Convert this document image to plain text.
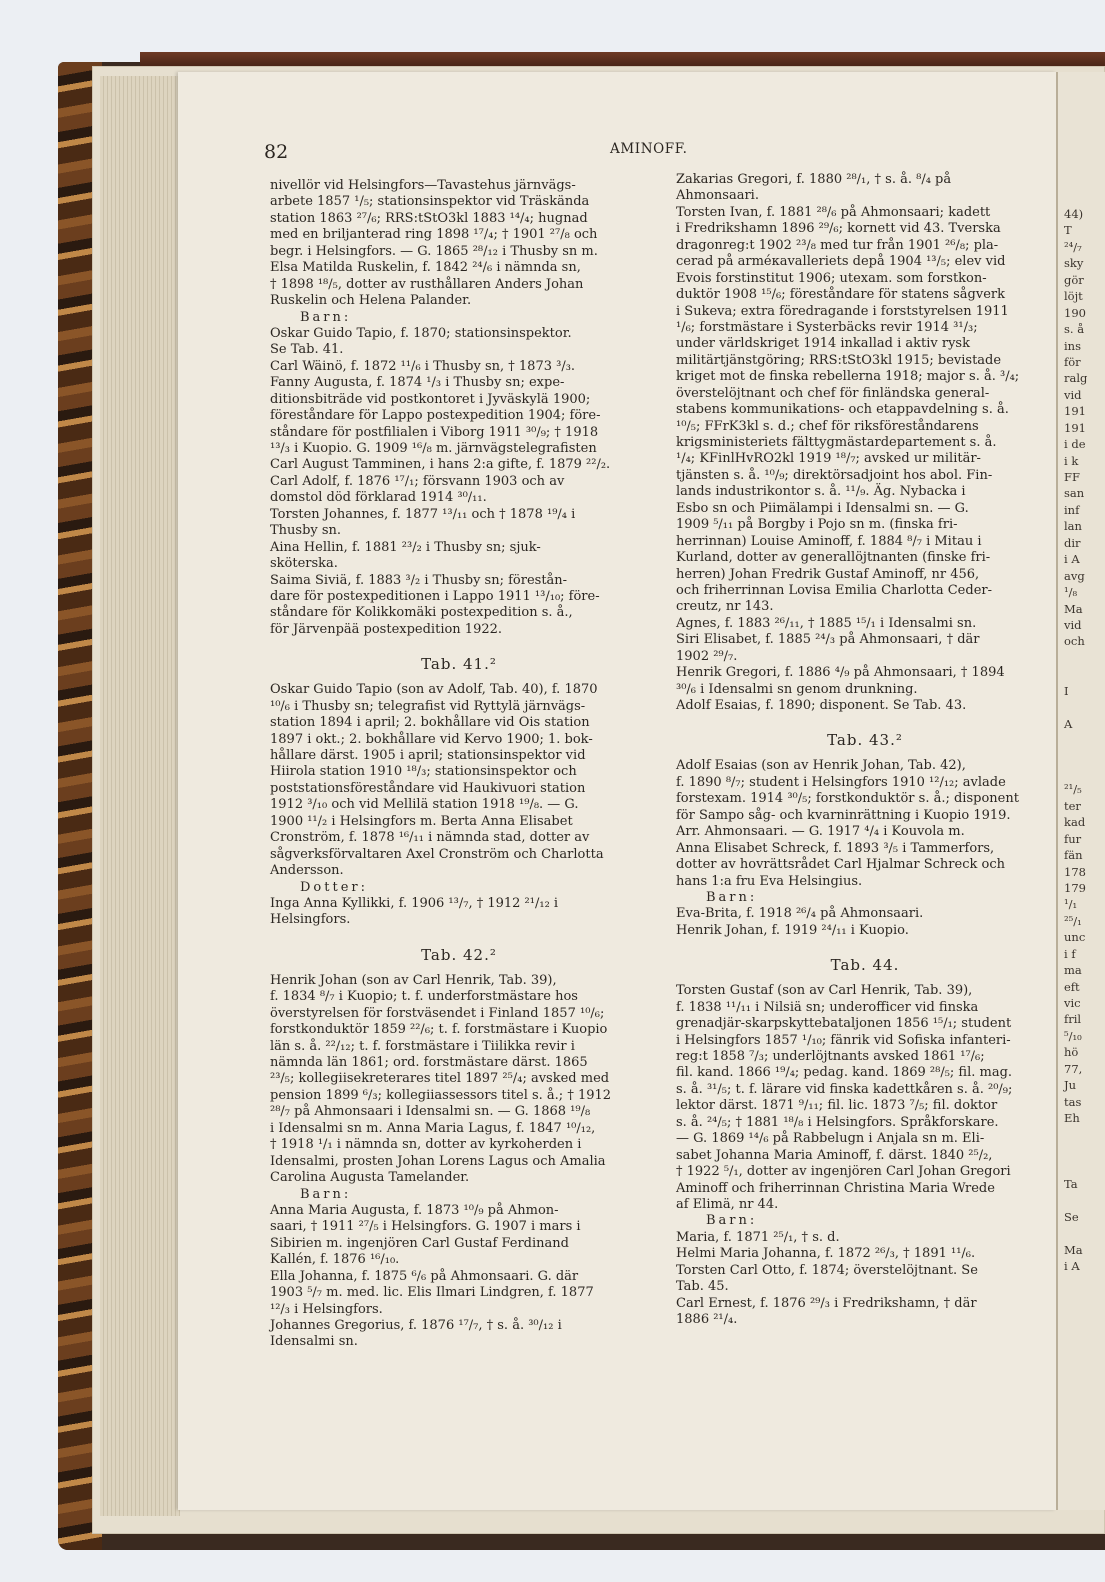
44)
T
²⁴/₇
sky
gör
löjt
190
s. å
ins
för
ralg
vid
191
191
i de
i k
FF
san
inf
lan
dir
i A
avg
¹/₈
Ma
vid
och
I
A
²¹/₅
ter
kad
fur
fän
178
179
¹/₁
²⁵/₁
unc
i f
ma
eft
vic
fril
⁵/₁₀
hö
77,
Ju
tas
Eh
Ta
Se
Ma
i A
82	AMINOFF.
nivellör vid Helsingfors—Tavastehus järnvägs-
arbete 1857 ¹/₅; stationsinspektor vid Träskända
station 1863 ²⁷/₆; RRS:tStO3kl 1883 ¹⁴/₄; hugnad
med en briljanterad ring 1898 ¹⁷/₄; † 1901 ²⁷/₈ och
begr. i Helsingfors. — G. 1865 ²⁸/₁₂ i Thusby sn m.
Elsa Matilda Ruskelin, f. 1842 ²⁴/₆ i nämnda sn,
† 1898 ¹⁸/₅, dotter av rusthållaren Anders Johan
Ruskelin och Helena Palander.
Barn:
Oskar Guido Tapio, f. 1870; stationsinspektor.
Se Tab. 41.
Carl Wäinö, f. 1872 ¹¹/₆ i Thusby sn, † 1873 ³/₃.
Fanny Augusta, f. 1874 ¹/₃ i Thusby sn; expe-
ditionsbiträde vid postkontoret i Jyväskylä 1900;
föreståndare för Lappo postexpedition 1904; före-
ståndare för postfilialen i Viborg 1911 ³⁰/₉; † 1918
¹³/₃ i Kuopio. G. 1909 ¹⁶/₈ m. järnvägstelegrafisten
Carl August Tamminen, i hans 2:a gifte, f. 1879 ²²/₂.
Carl Adolf, f. 1876 ¹⁷/₁; försvann 1903 och av
domstol död förklarad 1914 ³⁰/₁₁.
Torsten Johannes, f. 1877 ¹³/₁₁ och † 1878 ¹⁹/₄ i
Thusby sn.
Aina Hellin, f. 1881 ²³/₂ i Thusby sn; sjuk-
sköterska.
Saima Siviä, f. 1883 ³/₂ i Thusby sn; förestån-
dare för postexpeditionen i Lappo 1911 ¹³/₁₀; före-
ståndare för Kolikkomäki postexpedition s. å.,
för Järvenpää postexpedition 1922.
Tab. 41.²
Oskar Guido Tapio (son av Adolf, Tab. 40), f. 1870
¹⁰/₆ i Thusby sn; telegrafist vid Ryttylä järnvägs-
station 1894 i april; 2. bokhållare vid Ois station
1897 i okt.; 2. bokhållare vid Kervo 1900; 1. bok-
hållare därst. 1905 i april; stationsinspektor vid
Hiirola station 1910 ¹⁸/₃; stationsinspektor och
poststationsföreståndare vid Haukivuori station
1912 ³/₁₀ och vid Mellilä station 1918 ¹⁹/₈. — G.
1900 ¹¹/₂ i Helsingfors m. Berta Anna Elisabet
Cronström, f. 1878 ¹⁶/₁₁ i nämnda stad, dotter av
sågverksförvaltaren Axel Cronström och Charlotta
Andersson.
Dotter:
Inga Anna Kyllikki, f. 1906 ¹³/₇, † 1912 ²¹/₁₂ i
Helsingfors.
Tab. 42.²
Henrik Johan (son av Carl Henrik, Tab. 39),
f. 1834 ⁸/₇ i Kuopio; t. f. underforstmästare hos
överstyrelsen för forstväsendet i Finland 1857 ¹⁰/₆;
forstkonduktör 1859 ²²/₆; t. f. forstmästare i Kuopio
län s. å. ²²/₁₂; t. f. forstmästare i Tiilikka revir i
nämnda län 1861; ord. forstmästare därst. 1865
²³/₅; kollegiisekreterares titel 1897 ²⁵/₄; avsked med
pension 1899 ⁶/₃; kollegiiassessors titel s. å.; † 1912
²⁸/₇ på Ahmonsaari i Idensalmi sn. — G. 1868 ¹⁹/₈
i Idensalmi sn m. Anna Maria Lagus, f. 1847 ¹⁰/₁₂,
† 1918 ¹/₁ i nämnda sn, dotter av kyrkoherden i
Idensalmi, prosten Johan Lorens Lagus och Amalia
Carolina Augusta Tamelander.
Barn:
Anna Maria Augusta, f. 1873 ¹⁰/₉ på Ahmon-
saari, † 1911 ²⁷/₅ i Helsingfors. G. 1907 i mars i
Sibirien m. ingenjören Carl Gustaf Ferdinand
Kallén, f. 1876 ¹⁶/₁₀.
Ella Johanna, f. 1875 ⁶/₆ på Ahmonsaari. G. där
1903 ⁵/₇ m. med. lic. Elis Ilmari Lindgren, f. 1877
¹²/₃ i Helsingfors.
Johannes Gregorius, f. 1876 ¹⁷/₇, † s. å. ³⁰/₁₂ i
Idensalmi sn.
Zakarias Gregori, f. 1880 ²⁸/₁, † s. å. ⁸/₄ på
Ahmonsaari.
Torsten Ivan, f. 1881 ²⁸/₆ på Ahmonsaari; kadett
i Fredrikshamn 1896 ²⁹/₆; kornett vid 43. Tverska
dragonreg:t 1902 ²³/₈ med tur från 1901 ²⁶/₈; pla-
cerad på arméкavalleriets depå 1904 ¹³/₅; elev vid
Evois forstinstitut 1906; utexam. som forstkon-
duktör 1908 ¹⁵/₆; föreståndare för statens sågverk
i Sukeva; extra föredragande i forststyrelsen 1911
¹/₆; forstmästare i Systerbäcks revir 1914 ³¹/₃;
under världskriget 1914 inkallad i aktiv rysk
militärtjänstgöring; RRS:tStO3kl 1915; bevistade
kriget mot de finska rebellerna 1918; major s. å. ³/₄;
överstelöjtnant och chef för finländska general-
stabens kommunikations- och etappavdelning s. å.
¹⁰/₅; FFrK3kl s. d.; chef för riksföreståndarens
krigsministeriets fälttygmästardepartement s. å.
¹/₄; KFinlHvRO2kl 1919 ¹⁸/₇; avsked ur militär-
tjänsten s. å. ¹⁰/₉; direktörsadjoint hos abol. Fin-
lands industrikontor s. å. ¹¹/₉. Äg. Nybacka i
Esbo sn och Piimälampi i Idensalmi sn. — G.
1909 ⁵/₁₁ på Borgby i Pojo sn m. (finska fri-
herrinnan) Louise Aminoff, f. 1884 ⁸/₇ i Mitau i
Kurland, dotter av generallöjtnanten (finske fri-
herren) Johan Fredrik Gustaf Aminoff, nr 456,
och friherrinnan Lovisa Emilia Charlotta Ceder-
creutz, nr 143.
Agnes, f. 1883 ²⁶/₁₁, † 1885 ¹⁵/₁ i Idensalmi sn.
Siri Elisabet, f. 1885 ²⁴/₃ på Ahmonsaari, † där
1902 ²⁹/₇.
Henrik Gregori, f. 1886 ⁴/₉ på Ahmonsaari, † 1894
³⁰/₆ i Idensalmi sn genom drunkning.
Adolf Esaias, f. 1890; disponent. Se Tab. 43.
Tab. 43.²
Adolf Esaias (son av Henrik Johan, Tab. 42),
f. 1890 ⁸/₇; student i Helsingfors 1910 ¹²/₁₂; avlade
forstexam. 1914 ³⁰/₅; forstkonduktör s. å.; disponent
för Sampo såg- och kvarninrättning i Kuopio 1919.
Arr. Ahmonsaari. — G. 1917 ⁴/₄ i Kouvola m.
Anna Elisabet Schreck, f. 1893 ³/₅ i Tammerfors,
dotter av hovrättsrådet Carl Hjalmar Schreck och
hans 1:a fru Eva Helsingius.
Barn:
Eva-Brita, f. 1918 ²⁶/₄ på Ahmonsaari.
Henrik Johan, f. 1919 ²⁴/₁₁ i Kuopio.
Tab. 44.
Torsten Gustaf (son av Carl Henrik, Tab. 39),
f. 1838 ¹¹/₁₁ i Nilsiä sn; underofficer vid finska
grenadjär-skarpskyttebataljonen 1856 ¹⁵/₁; student
i Helsingfors 1857 ¹/₁₀; fänrik vid Sofiska infanteri-
reg:t 1858 ⁷/₃; underlöjtnants avsked 1861 ¹⁷/₆;
fil. kand. 1866 ¹⁹/₄; pedag. kand. 1869 ²⁸/₅; fil. mag.
s. å. ³¹/₅; t. f. lärare vid finska kadettkåren s. å. ²⁰/₉;
lektor därst. 1871 ⁹/₁₁; fil. lic. 1873 ⁷/₅; fil. doktor
s. å. ²⁴/₅; † 1881 ¹⁸/₈ i Helsingfors. Språkforskare.
— G. 1869 ¹⁴/₆ på Rabbelugn i Anjala sn m. Eli-
sabet Johanna Maria Aminoff, f. därst. 1840 ²⁵/₂,
† 1922 ⁵/₁, dotter av ingenjören Carl Johan Gregori
Aminoff och friherrinnan Christina Maria Wrede
af Elimä, nr 44.
Barn:
Maria, f. 1871 ²⁵/₁, † s. d.
Helmi Maria Johanna, f. 1872 ²⁶/₃, † 1891 ¹¹/₆.
Torsten Carl Otto, f. 1874; överstelöjtnant. Se
Tab. 45.
Carl Ernest, f. 1876 ²⁹/₃ i Fredrikshamn, † där
1886 ²¹/₄.
